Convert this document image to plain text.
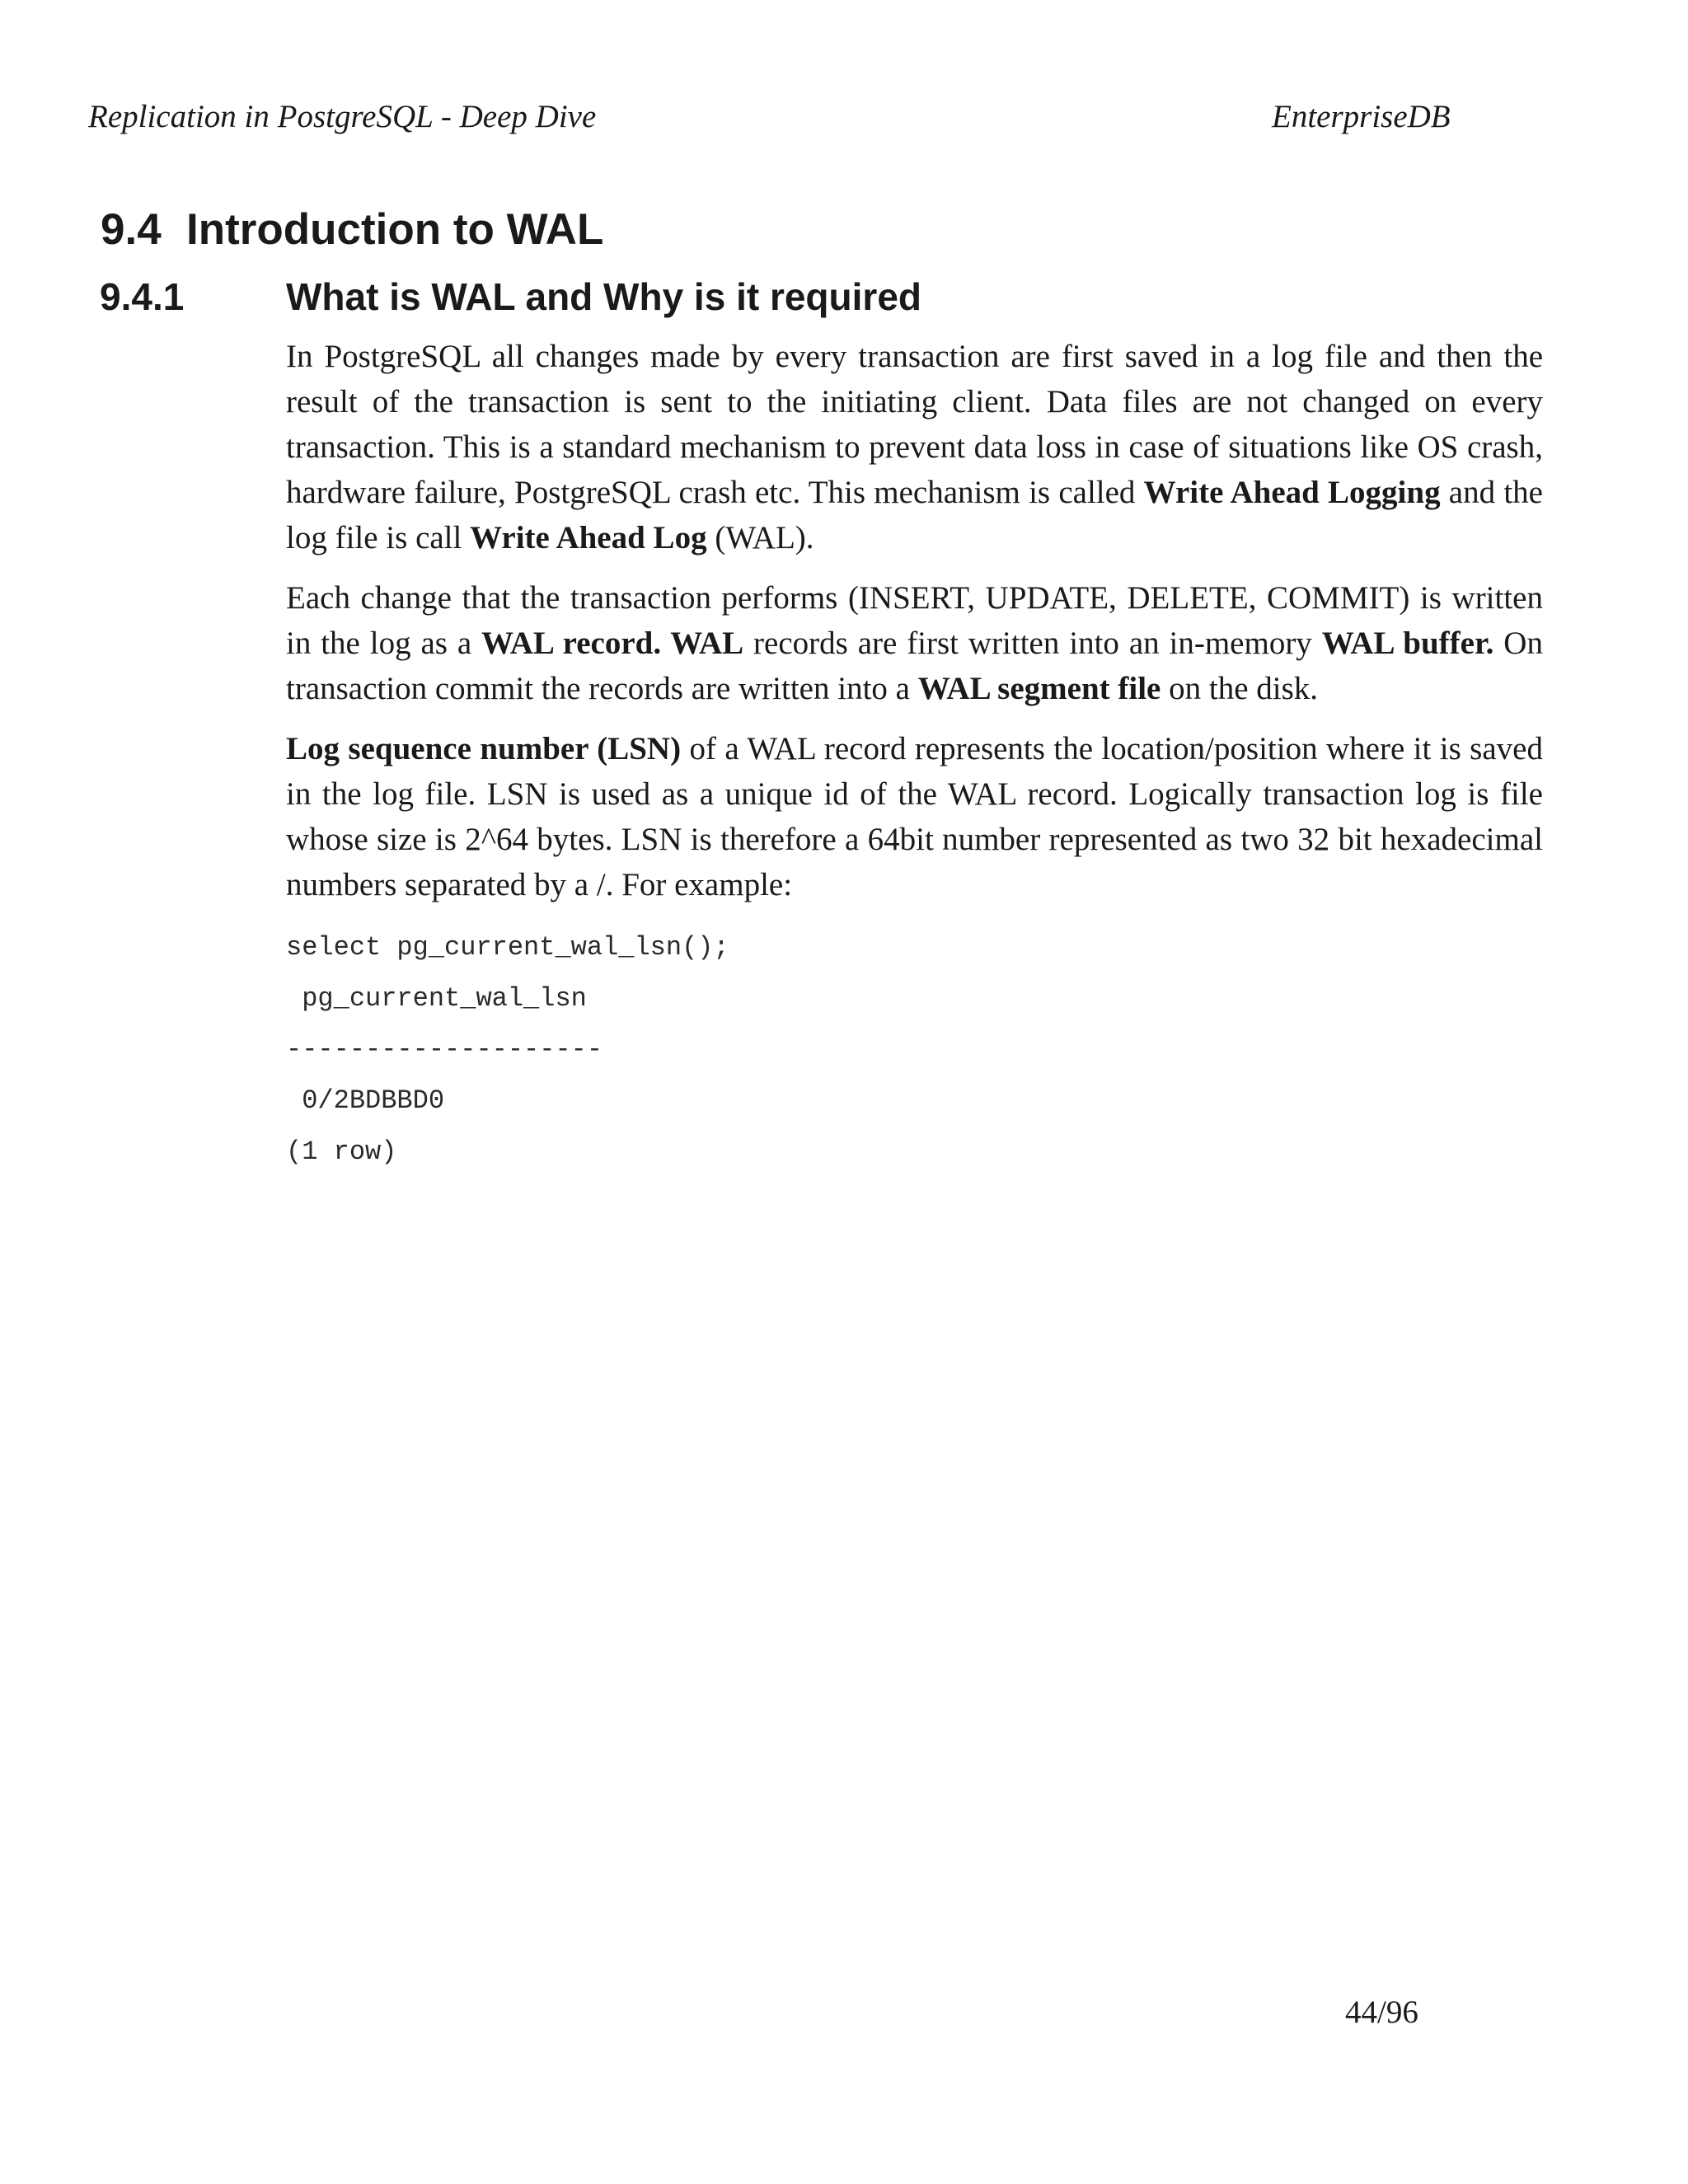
Replication in PostgreSQL - Deep Dive	EnterpriseDB
9.4 Introduction to WAL
9.4.1	What is WAL and Why is it required

In PostgreSQL all changes made by every transaction are first saved in a log file and then the result of the transaction is sent to the initiating client. Data files are not changed on every transaction. This is a standard mechanism to prevent data loss in case of situations like OS crash, hardware failure, PostgreSQL crash etc. This mechanism is called Write Ahead Logging and the log file is call Write Ahead Log (WAL).

Each change that the transaction performs (INSERT, UPDATE, DELETE, COMMIT) is written in the log as a WAL record. WAL records are first written into an in-memory WAL buffer. On transaction commit the records are written into a WAL segment file on the disk.

Log sequence number (LSN) of a WAL record represents the location/position where it is saved in the log file. LSN is used as a unique id of the WAL record. Logically transaction log is file whose size is 2^64 bytes. LSN is therefore a 64bit number represented as two 32 bit hexadecimal numbers separated by a /. For example:

select pg_current_wal_lsn();
pg_current_wal_lsn
--------------------
0/2BDBBD0
(1 row)
44/96
